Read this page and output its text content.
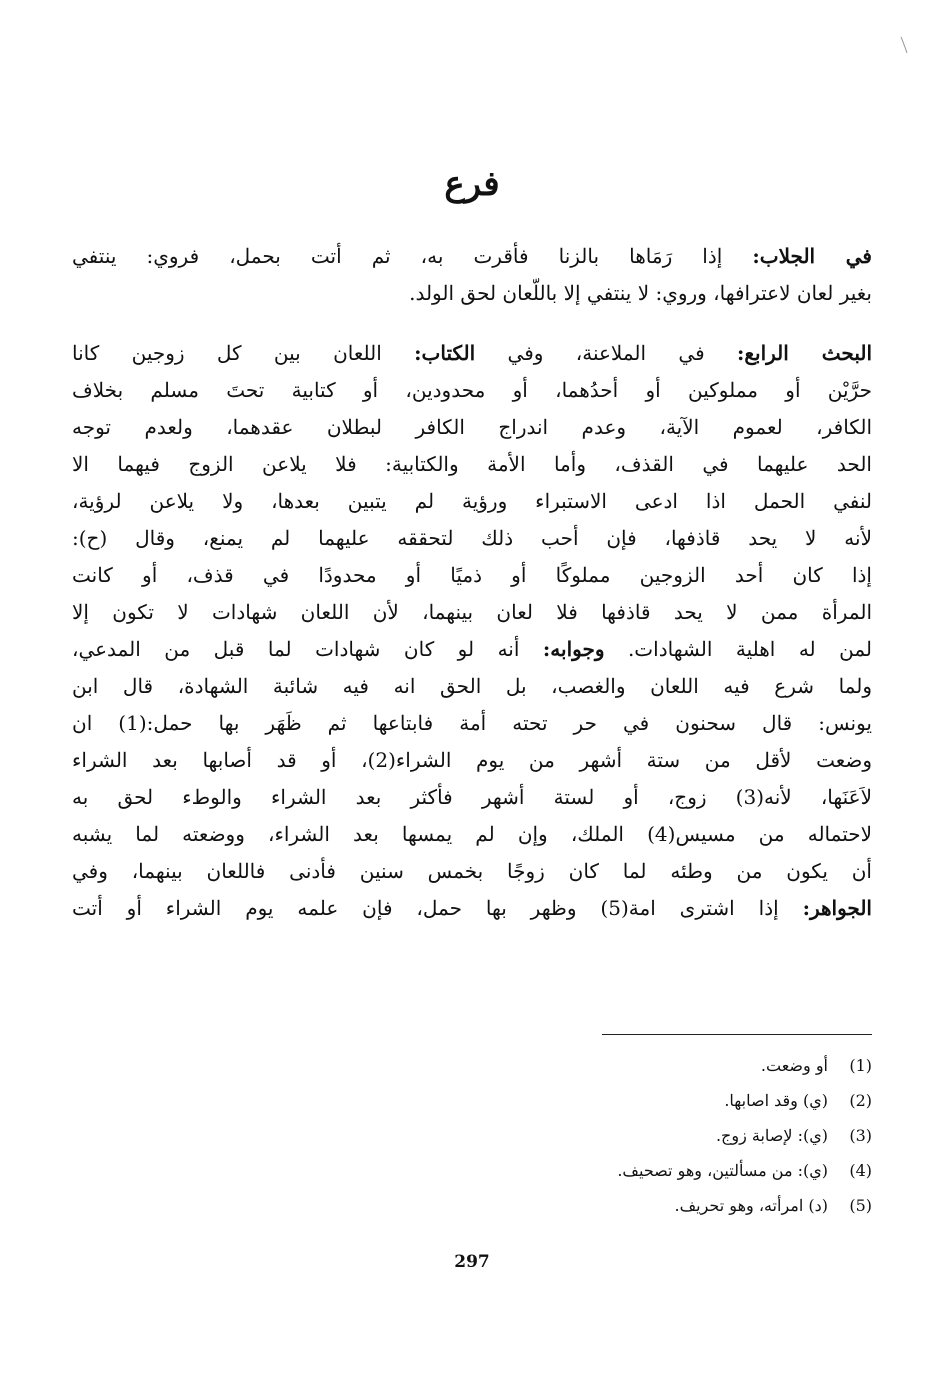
فرع
في الجلاب: إذا رَمَاها بالزنا فأقرت به، ثم أتت بحمل، فروي: ينتفي
بغير لعان لاعترافها، وروي: لا ينتفي إلا باللّعان لحق الولد.
البحث الرابع: في الملاعنة، وفي الكتاب: اللعان بين كل زوجين كانا
حرَّيْن أو مملوكين أو أحدُهما، أو محدودين، أو كتابية تحتَ مسلم بخلاف
الكافر، لعموم الآية، وعدم اندراج الكافر لبطلان عقدهما، ولعدم توجه
الحد عليهما في القذف، وأما الأمة والكتابية: فلا يلاعن الزوج فيهما الا
لنفي الحمل اذا ادعى الاستبراء ورؤية لم يتبين بعدها، ولا يلاعن لرؤية،
لأنه لا يحد قاذفها، فإن أحب ذلك لتحققه عليهما لم يمنع، وقال (ح):
إذا كان أحد الزوجين مملوكًا أو ذميًا أو محدودًا في قذف، أو كانت
المرأة ممن لا يحد قاذفها فلا لعان بينهما، لأن اللعان شهادات لا تكون إلا
لمن له اهلية الشهادات. وجوابه: أنه لو كان شهادات لما قبل من المدعي،
ولما شرع فيه اللعان والغصب، بل الحق انه فيه شائبة الشهادة، قال ابن
يونس: قال سحنون في حر تحته أمة فابتاعها ثم ظَهَر بها حمل:(1) ان
وضعت لأقل من ستة أشهر من يوم الشراء(2)، أو قد أصابها بعد الشراء
لاَعَنَها، لأنه(3) زوج، أو لستة أشهر فأكثر بعد الشراء والوطء لحق به
لاحتماله من مسيس(4) الملك، وإن لم يمسها بعد الشراء، ووضعته لما يشبه
أن يكون من وطئه لما كان زوجًا بخمس سنين فأدنى فاللعان بينهما، وفي
الجواهر: إذا اشترى امة(5) وظهر بها حمل، فإن علمه يوم الشراء أو أتت
(1)أو وضعت.
(2)(ي) وقد اصابها.
(3)(ي): لإصابة زوج.
(4)(ي): من مسألتين، وهو تصحيف.
(5)(د) امرأته، وهو تحريف.
297
